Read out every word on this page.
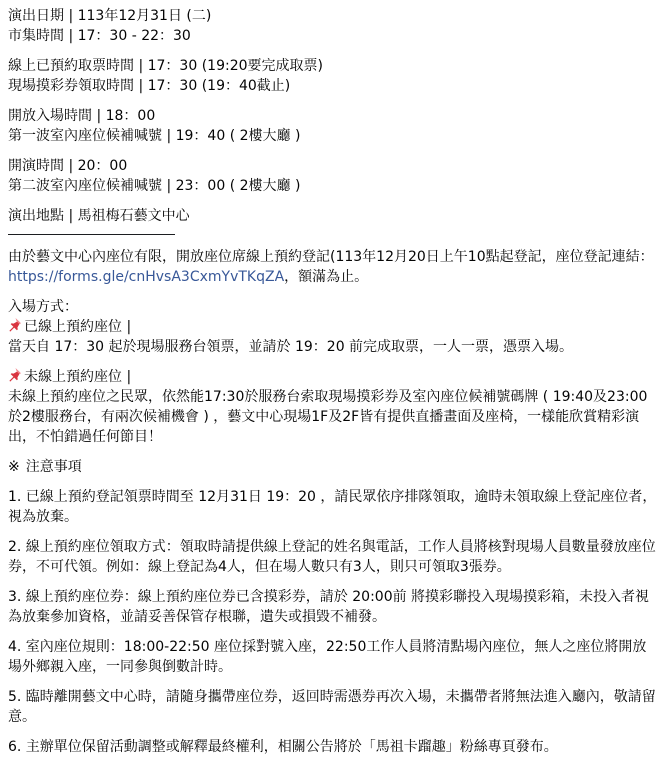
演出日期 | 113年12月31日 (二)
市集時間 | 17：30 - 22：30
線上已預約取票時間 | 17：30 (19:20要完成取票)
現場摸彩券領取時間 | 17：30 (19：40截止)
開放入場時間 | 18：00
第一波室內座位候補喊號 | 19：40 ( 2樓大廳 )
開演時間 | 20：00
第二波室內座位候補喊號 | 23：00 ( 2樓大廳 )
演出地點 | 馬祖梅石藝文中心
由於藝文中心內座位有限，開放座位席線上預約登記(113年12月20日上午10點起登記，座位登記連結：https://forms.gle/cnHvsA3CxmYvTKqZA，額滿為止。
入場方式：
已線上預約座位 |
當天自 17：30 起於現場服務台領票，並請於 19：20 前完成取票，一人一票，憑票入場。
未線上預約座位 |
未線上預約座位之民眾，依然能17:30於服務台索取現場摸彩券及室內座位候補號碼牌 ( 19:40及23:00於2樓服務台，有兩次候補機會 ) ，藝文中心現場1F及2F皆有提供直播畫面及座椅，一樣能欣賞精彩演出，不怕錯過任何節目！
※ 注意事項
1. 已線上預約登記領票時間至 12月31日 19：20 ，請民眾依序排隊領取，逾時未領取線上登記座位者，視為放棄。
2. 線上預約座位領取方式：領取時請提供線上登記的姓名與電話，工作人員將核對現場人員數量發放座位券，不可代領。例如：線上登記為4人，但在場人數只有3人，則只可領取3張券。
3. 線上預約座位券：線上預約座位券已含摸彩券，請於 20:00前 將摸彩聯投入現場摸彩箱，未投入者視為放棄參加資格，並請妥善保管存根聯，遺失或損毀不補發。
4. 室內座位規則：18:00-22:50 座位採對號入座，22:50工作人員將清點場內座位，無人之座位將開放場外鄉親入座，一同參與倒數計時。
5. 臨時離開藝文中心時，請隨身攜帶座位券，返回時需憑券再次入場，未攜帶者將無法進入廳內，敬請留意。
6. 主辦單位保留活動調整或解釋最終權利，相關公告將於「馬祖卡蹓趣」粉絲專頁發布。
